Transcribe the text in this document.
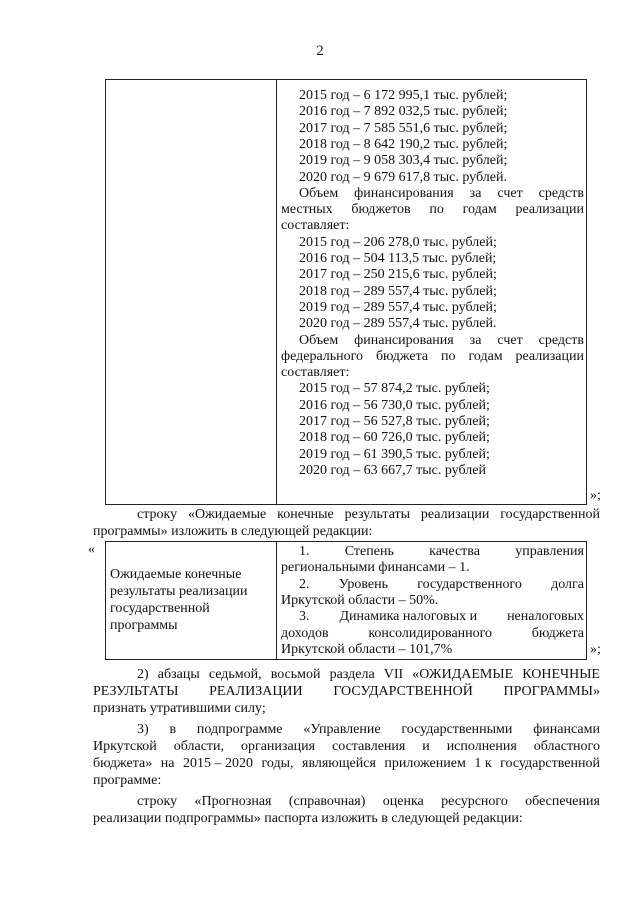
2
2015 год – 6 172 995,1 тыс. рублей;
2016 год – 7 892 032,5 тыс. рублей;
2017 год – 7 585 551,6 тыс. рублей;
2018 год – 8 642 190,2 тыс. рублей;
2019 год – 9 058 303,4 тыс. рублей;
2020 год – 9 679 617,8 тыс. рублей.
Объем финансирования за счет средств
местных бюджетов по годам реализации
составляет:
2015 год – 206 278,0 тыс. рублей;
2016 год – 504 113,5 тыс. рублей;
2017 год – 250 215,6 тыс. рублей;
2018 год – 289 557,4 тыс. рублей;
2019 год – 289 557,4 тыс. рублей;
2020 год – 289 557,4 тыс. рублей.
Объем финансирования за счет средств
федерального бюджета по годам реализации
составляет:
2015 год – 57 874,2 тыс. рублей;
2016 год – 56 730,0 тыс. рублей;
2017 год – 56 527,8 тыс. рублей;
2018 год – 60 726,0 тыс. рублей;
2019 год – 61 390,5 тыс. рублей;
2020 год – 63 667,7 тыс. рублей
»;
строку «Ожидаемые конечные результаты реализации государственной
программы» изложить в следующей редакции:
«
Ожидаемые конечные
результаты реализации
государственной
программы
1.	Степень	качества	управления
региональными финансами – 1.
2. Уровень государственного долга
Иркутской области – 50%.
3. Динамика налоговых и неналоговых
доходов	консолидированного	бюджета
Иркутской области – 101,7%	»;
2) абзацы седьмой, восьмой раздела VII «ОЖИДАЕМЫЕ КОНЕЧНЫЕ
РЕЗУЛЬТАТЫ РЕАЛИЗАЦИИ ГОСУДАРСТВЕННОЙ ПРОГРАММЫ»
признать утратившими силу;
3) в подпрограмме «Управление государственными финансами
Иркутской области, организация составления и исполнения областного
бюджета» на 2015 – 2020 годы, являющейся приложением 1 к государственной
программе:
строку «Прогнозная (справочная) оценка ресурсного обеспечения
реализации подпрограммы» паспорта изложить в следующей редакции:
